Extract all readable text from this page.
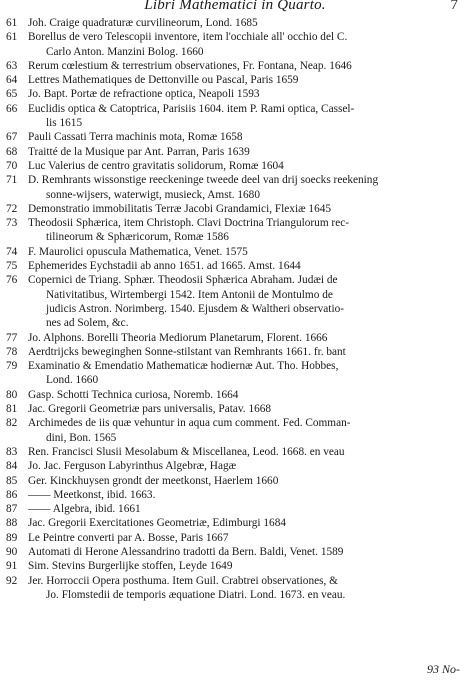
Libri Mathematici in Quarto.	7
61 Joh. Craige quadraturæ curvilineorum, Lond. 1685
61 Borellus de vero Telescopii inventore, item l'occhiale all' occhio del C.
Carlo Anton. Manzini Bolog. 1660
63 Rerum cœlestium & terrestrium observationes, Fr. Fontana, Neap. 1646
64 Lettres Mathematiques de Dettonville ou Pascal, Paris 1659
65 Jo. Bapt. Portæ de refractione optica, Neapoli 1593
66 Euclidis optica & Catoptrica, Parisiis 1604. item P. Rami optica, Cassel-
lis 1615
67 Pauli Cassati Terra machinis mota, Romæ 1658
68 Traitté de la Musique par Ant. Parran, Paris 1639
70 Luc Valerius de centro gravitatis solidorum, Romæ 1604
71 D. Remhrants wissonstige reeckeninge tweede deel van drij soecks reekening
sonne-wijsers, waterwigt, musieck, Amst. 1680
72 Demonstratio immobilitatis Terræ Jacobi Grandamici, Flexiæ 1645
73 Theodosii Sphærica, item Christoph. Clavi Doctrina Triangulorum rec-
tilineorum & Sphæricorum, Romæ 1586
74 F. Maurolici opuscula Mathematica, Venet. 1575
75 Ephemerides Eychstadii ab anno 1651. ad 1665. Amst. 1644
76 Copernici de Triang. Sphær. Theodosii Sphærica Abraham. Judæi de
Nativitatibus, Wirtembergi 1542. Item Antonii de Montulmo de
judicis Astron. Norimberg. 1540. Ejusdem & Waltheri observatio-
nes ad Solem, &c.
77 Jo. Alphons. Borelli Theoria Mediorum Planetarum, Florent. 1666
78 Aerdtrijcks beweginghen Sonne-stilstant van Remhrants 1661. fr. bant
79 Examinatio & Emendatio Mathematicæ hodiernæ Aut. Tho. Hobbes,
Lond. 1660
80 Gasp. Schotti Technica curiosa, Noremb. 1664
81 Jac. Gregorii Geometriæ pars universalis, Patav. 1668
82 Archimedes de iis quæ vehuntur in aqua cum comment. Fed. Comman-
dini, Bon. 1565
83 Ren. Francisci Slusii Mesolabum & Miscellanea, Leod. 1668. en veau
84 Jo. Jac. Ferguson Labyrinthus Algebræ, Hagæ
85 Ger. Kinckhuysen grondt der meetkonst, Haerlem 1660
86 —— Meetkonst, ibid. 1663.
87 —— Algebra, ibid. 1661
88 Jac. Gregorii Exercitationes Geometriæ, Edimburgi 1684
89 Le Peintre converti par A. Bosse, Paris 1667
90 Automati di Herone Alessandrino tradotti da Bern. Baldi, Venet. 1589
91 Sim. Stevins Burgerlijke stoffen, Leyde 1649
92 Jer. Horroccii Opera posthuma. Item Guil. Crabtrei observationes, &
Jo. Flomstedii de temporis æquatione Diatri. Lond. 1673. en veau.
93 No-
